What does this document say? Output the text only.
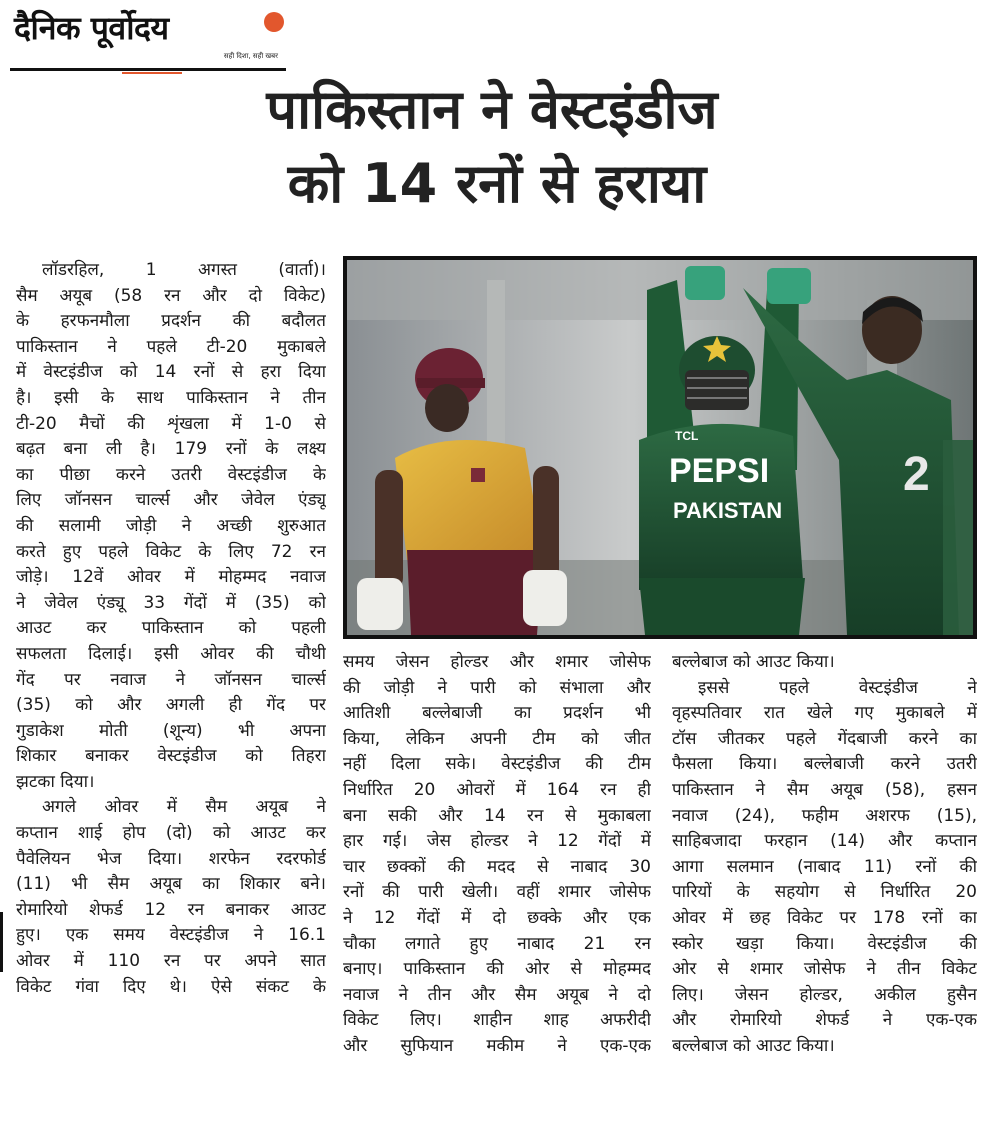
दैनिक पूर्वोदय
सही दिशा, सही खबर
पाकिस्तान ने वेस्टइंडीज
को 14 रनों से हराया
PEPSI
PAKISTAN
TCL
2
लॉडरहिल, 1 अगस्त (वार्ता)।
सैम अयूब (58 रन और दो विकेट)
के हरफनमौला प्रदर्शन की बदौलत
पाकिस्तान ने पहले टी-20 मुकाबले
में वेस्टइंडीज को 14 रनों से हरा दिया
है। इसी के साथ पाकिस्तान ने तीन
टी-20 मैचों की शृंखला में 1-0 से
बढ़त बना ली है। 179 रनों के लक्ष्य
का पीछा करने उतरी वेस्टइंडीज के
लिए जॉनसन चार्ल्स और जेवेल एंड्यू
की सलामी जोड़ी ने अच्छी शुरुआत
करते हुए पहले विकेट के लिए 72 रन
जोड़े। 12वें ओवर में मोहम्मद नवाज
ने जेवेल एंड्यू 33 गेंदों में (35) को
आउट कर पाकिस्तान को पहली
सफलता दिलाई। इसी ओवर की चौथी
गेंद पर नवाज ने जॉनसन चार्ल्स
(35) को और अगली ही गेंद पर
गुडाकेश मोती (शून्य) भी अपना
शिकार बनाकर वेस्टइंडीज को तिहरा
झटका दिया।
अगले ओवर में सैम अयूब ने
कप्तान शाई होप (दो) को आउट कर
पैवेलियन भेज दिया। शरफेन रदरफोर्ड
(11) भी सैम अयूब का शिकार बने।
रोमारियो शेफर्ड 12 रन बनाकर आउट
हुए। एक समय वेस्टइंडीज ने 16.1
ओवर में 110 रन पर अपने सात
विकेट गंवा दिए थे। ऐसे संकट के
समय जेसन होल्डर और शमार जोसेफ
की जोड़ी ने पारी को संभाला और
आतिशी बल्लेबाजी का प्रदर्शन भी
किया, लेकिन अपनी टीम को जीत
नहीं दिला सके। वेस्टइंडीज की टीम
निर्धारित 20 ओवरों में 164 रन ही
बना सकी और 14 रन से मुकाबला
हार गई। जेस होल्डर ने 12 गेंदों में
चार छक्कों की मदद से नाबाद 30
रनों की पारी खेली। वहीं शमार जोसेफ
ने 12 गेंदों में दो छक्के और एक
चौका लगाते हुए नाबाद 21 रन
बनाए। पाकिस्तान की ओर से मोहम्मद
नवाज ने तीन और सैम अयूब ने दो
विकेट लिए। शाहीन शाह अफरीदी
और सुफियान मकीम ने एक-एक
बल्लेबाज को आउट किया।
इससे पहले वेस्टइंडीज ने
वृहस्पतिवार रात खेले गए मुकाबले में
टॉस जीतकर पहले गेंदबाजी करने का
फैसला किया। बल्लेबाजी करने उतरी
पाकिस्तान ने सैम अयूब (58), हसन
नवाज (24), फहीम अशरफ (15),
साहिबजादा फरहान (14) और कप्तान
आगा सलमान (नाबाद 11) रनों की
पारियों के सहयोग से निर्धारित 20
ओवर में छह विकेट पर 178 रनों का
स्कोर खड़ा किया। वेस्टइंडीज की
ओर से शमार जोसेफ ने तीन विकेट
लिए। जेसन होल्डर, अकील हुसैन
और रोमारियो शेफर्ड ने एक-एक
बल्लेबाज को आउट किया।
